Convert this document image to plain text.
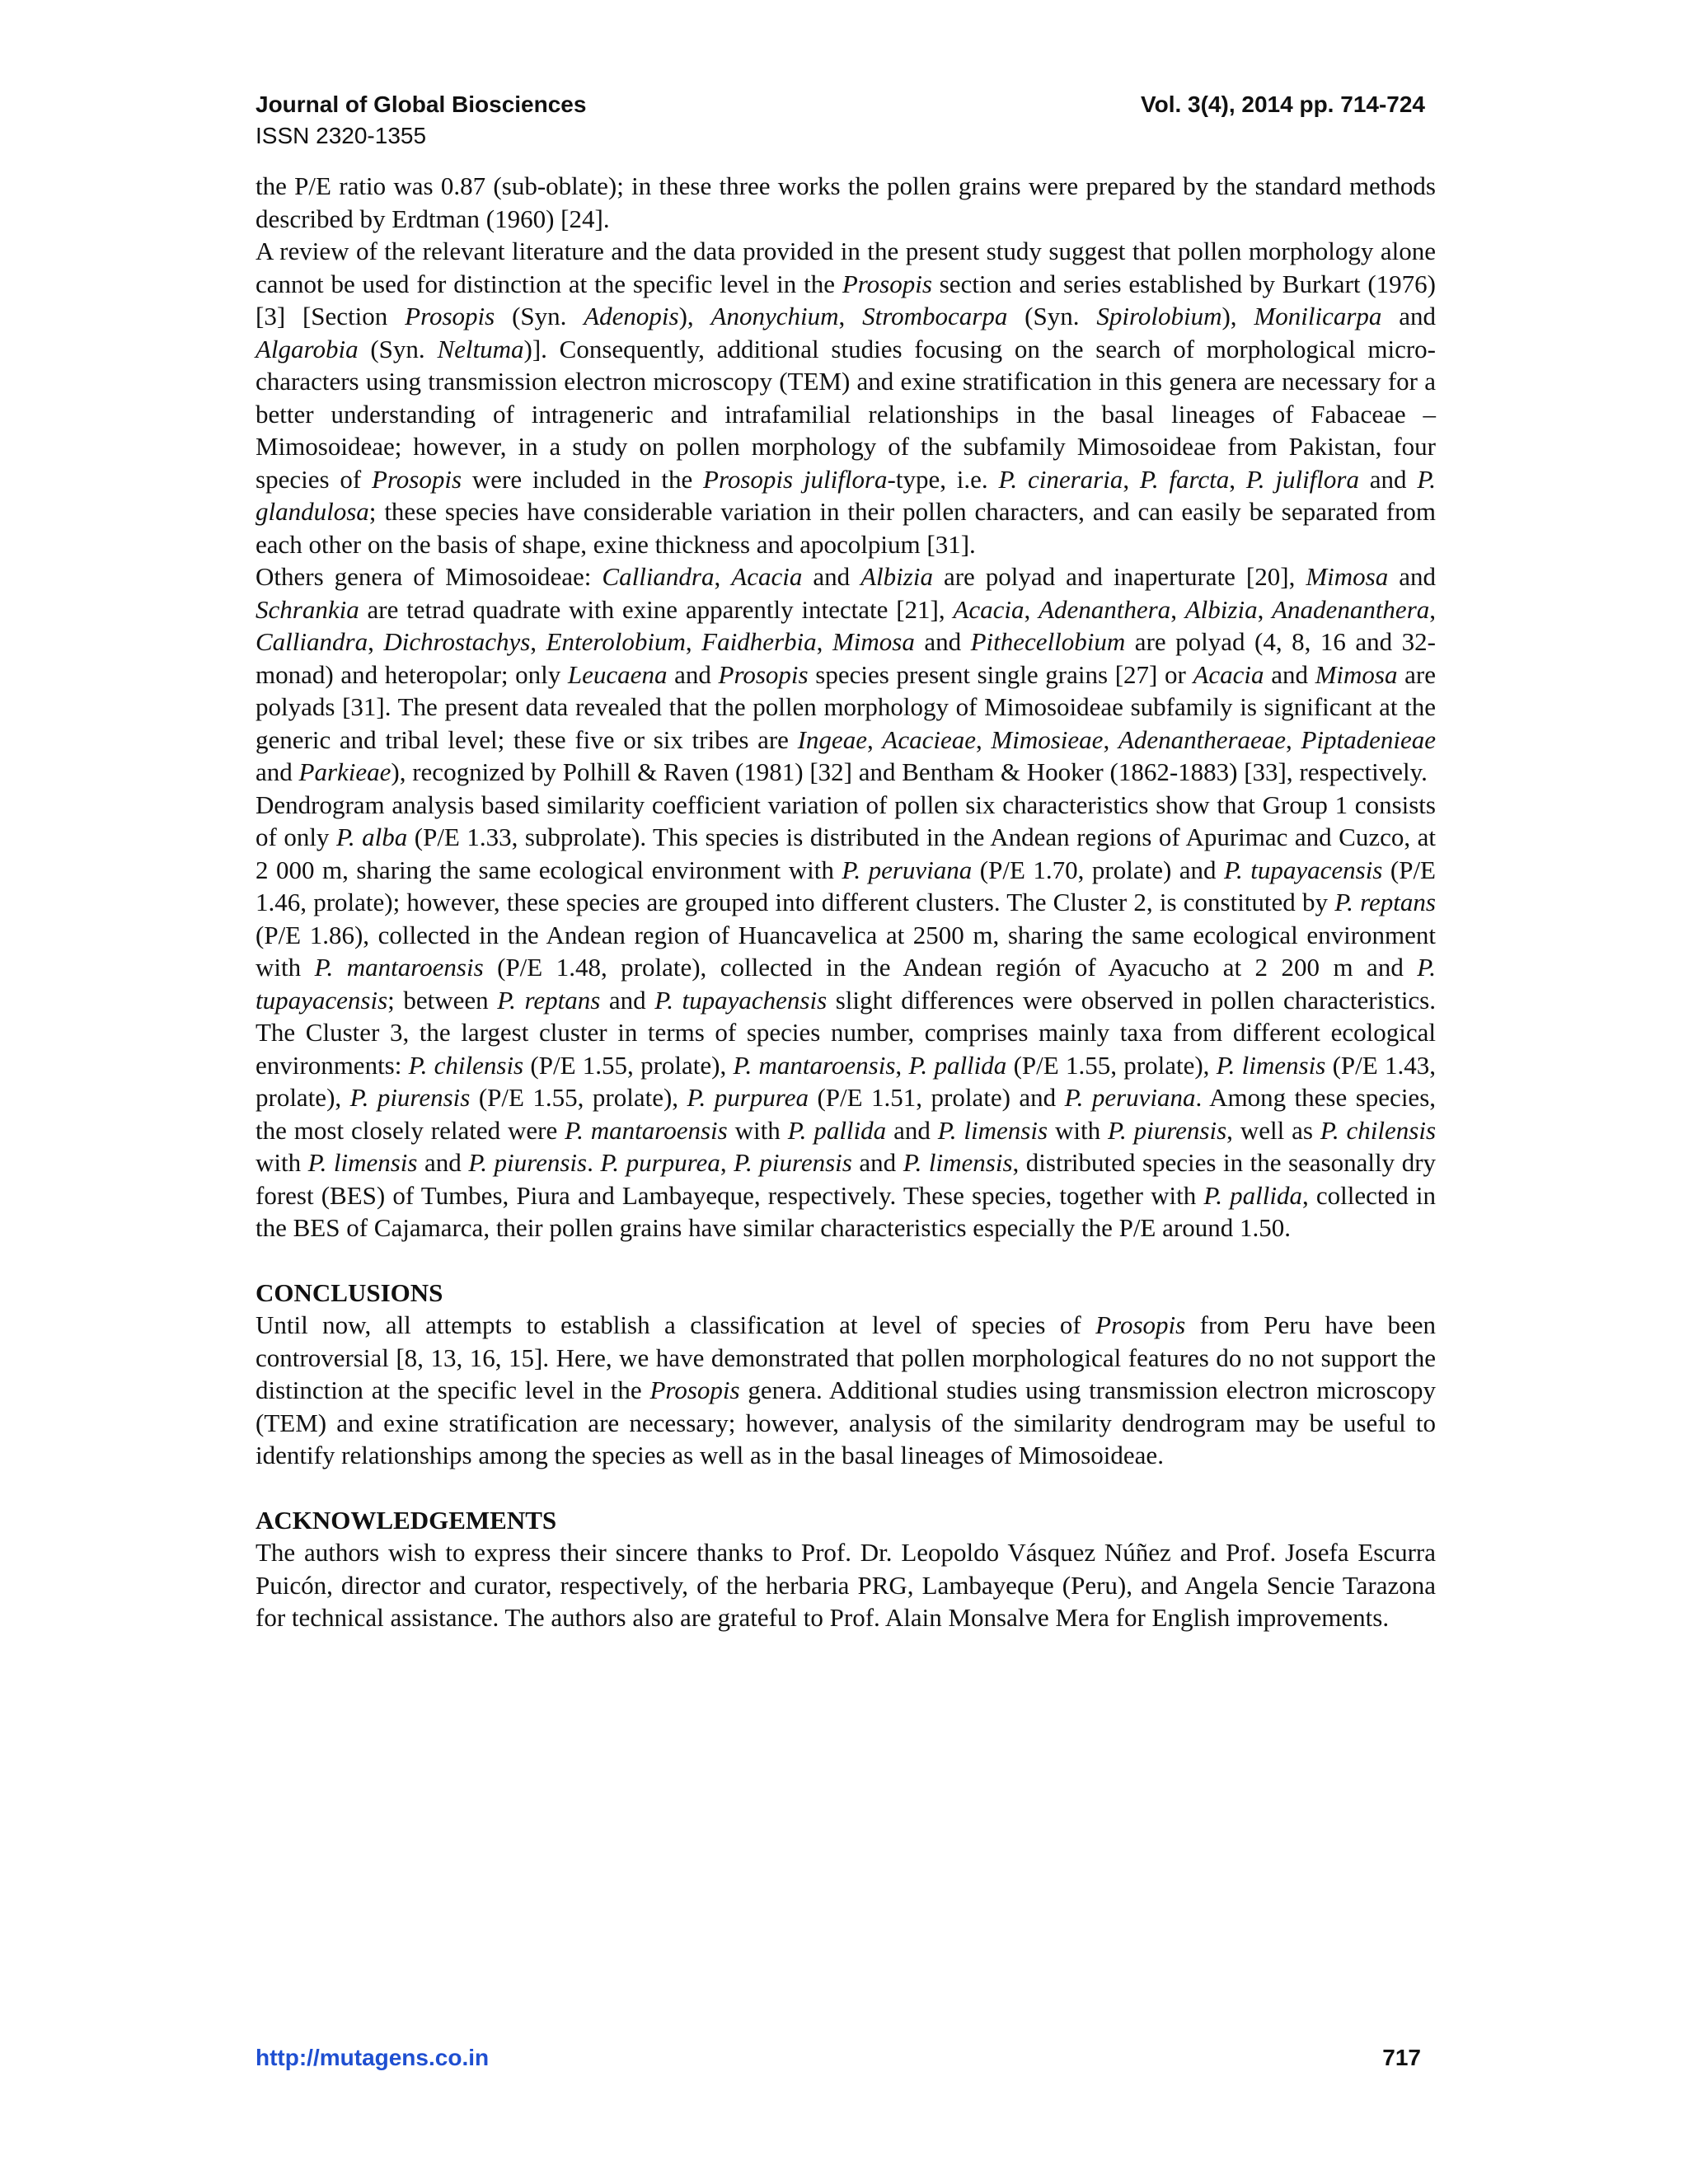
Journal of Global Biosciences	Vol. 3(4), 2014 pp. 714-724
ISSN 2320-1355

the P/E ratio was 0.87 (sub-oblate); in these three works the pollen grains were prepared by the standard methods described by Erdtman (1960) [24].

A review of the relevant literature and the data provided in the present study suggest that pollen morphology alone cannot be used for distinction at the specific level in the Prosopis section and series established by Burkart (1976) [3] [Section Prosopis (Syn. Adenopis), Anonychium, Strombocarpa (Syn. Spirolobium), Monilicarpa and Algarobia (Syn. Neltuma)]. Consequently, additional studies focusing on the search of morphological micro-characters using transmission electron microscopy (TEM) and exine stratification in this genera are necessary for a better understanding of intrageneric and intrafamilial relationships in the basal lineages of Fabaceae – Mimosoideae; however, in a study on pollen morphology of the subfamily Mimosoideae from Pakistan, four species of Prosopis were included in the Prosopis juliflora-type, i.e. P. cineraria, P. farcta, P. juliflora and P. glandulosa; these species have considerable variation in their pollen characters, and can easily be separated from each other on the basis of shape, exine thickness and apocolpium [31].

Others genera of Mimosoideae: Calliandra, Acacia and Albizia are polyad and inaperturate [20], Mimosa and Schrankia are tetrad quadrate with exine apparently intectate [21], Acacia, Adenanthera, Albizia, Anadenanthera, Calliandra, Dichrostachys, Enterolobium, Faidherbia, Mimosa and Pithecellobium are polyad (4, 8, 16 and 32-monad) and heteropolar; only Leucaena and Prosopis species present single grains [27] or Acacia and Mimosa are polyads [31]. The present data revealed that the pollen morphology of Mimosoideae subfamily is significant at the generic and tribal level; these five or six tribes are Ingeae, Acacieae, Mimosieae, Adenantheraeae, Piptadenieae and Parkieae), recognized by Polhill & Raven (1981) [32] and Bentham & Hooker (1862-1883) [33], respectively.

Dendrogram analysis based similarity coefficient variation of pollen six characteristics show that Group 1 consists of only P. alba (P/E 1.33, subprolate). This species is distributed in the Andean regions of Apurimac and Cuzco, at 2 000 m, sharing the same ecological environment with P. peruviana (P/E 1.70, prolate) and P. tupayacensis (P/E 1.46, prolate); however, these species are grouped into different clusters. The Cluster 2, is constituted by P. reptans (P/E 1.86), collected in the Andean region of Huancavelica at 2500 m, sharing the same ecological environment with P. mantaroensis (P/E 1.48, prolate), collected in the Andean región of Ayacucho at 2 200 m and P. tupayacensis; between P. reptans and P. tupayachensis slight differences were observed in pollen characteristics. The Cluster 3, the largest cluster in terms of species number, comprises mainly taxa from different ecological environments: P. chilensis (P/E 1.55, prolate), P. mantaroensis, P. pallida (P/E 1.55, prolate), P. limensis (P/E 1.43, prolate), P. piurensis (P/E 1.55, prolate), P. purpurea (P/E 1.51, prolate) and P. peruviana. Among these species, the most closely related were P. mantaroensis with P. pallida and P. limensis with P. piurensis, well as P. chilensis with P. limensis and P. piurensis. P. purpurea, P. piurensis and P. limensis, distributed species in the seasonally dry forest (BES) of Tumbes, Piura and Lambayeque, respectively. These species, together with P. pallida, collected in the BES of Cajamarca, their pollen grains have similar characteristics especially the P/E around 1.50.

CONCLUSIONS

Until now, all attempts to establish a classification at level of species of Prosopis from Peru have been controversial [8, 13, 16, 15]. Here, we have demonstrated that pollen morphological features do no not support the distinction at the specific level in the Prosopis genera. Additional studies using transmission electron microscopy (TEM) and exine stratification are necessary; however, analysis of the similarity dendrogram may be useful to identify relationships among the species as well as in the basal lineages of Mimosoideae.

ACKNOWLEDGEMENTS

The authors wish to express their sincere thanks to Prof. Dr. Leopoldo Vásquez Núñez and Prof. Josefa Escurra Puicón, director and curator, respectively, of the herbaria PRG, Lambayeque (Peru), and Angela Sencie Tarazona for technical assistance. The authors also are grateful to Prof. Alain Monsalve Mera for English improvements.

http://mutagens.co.in	717
